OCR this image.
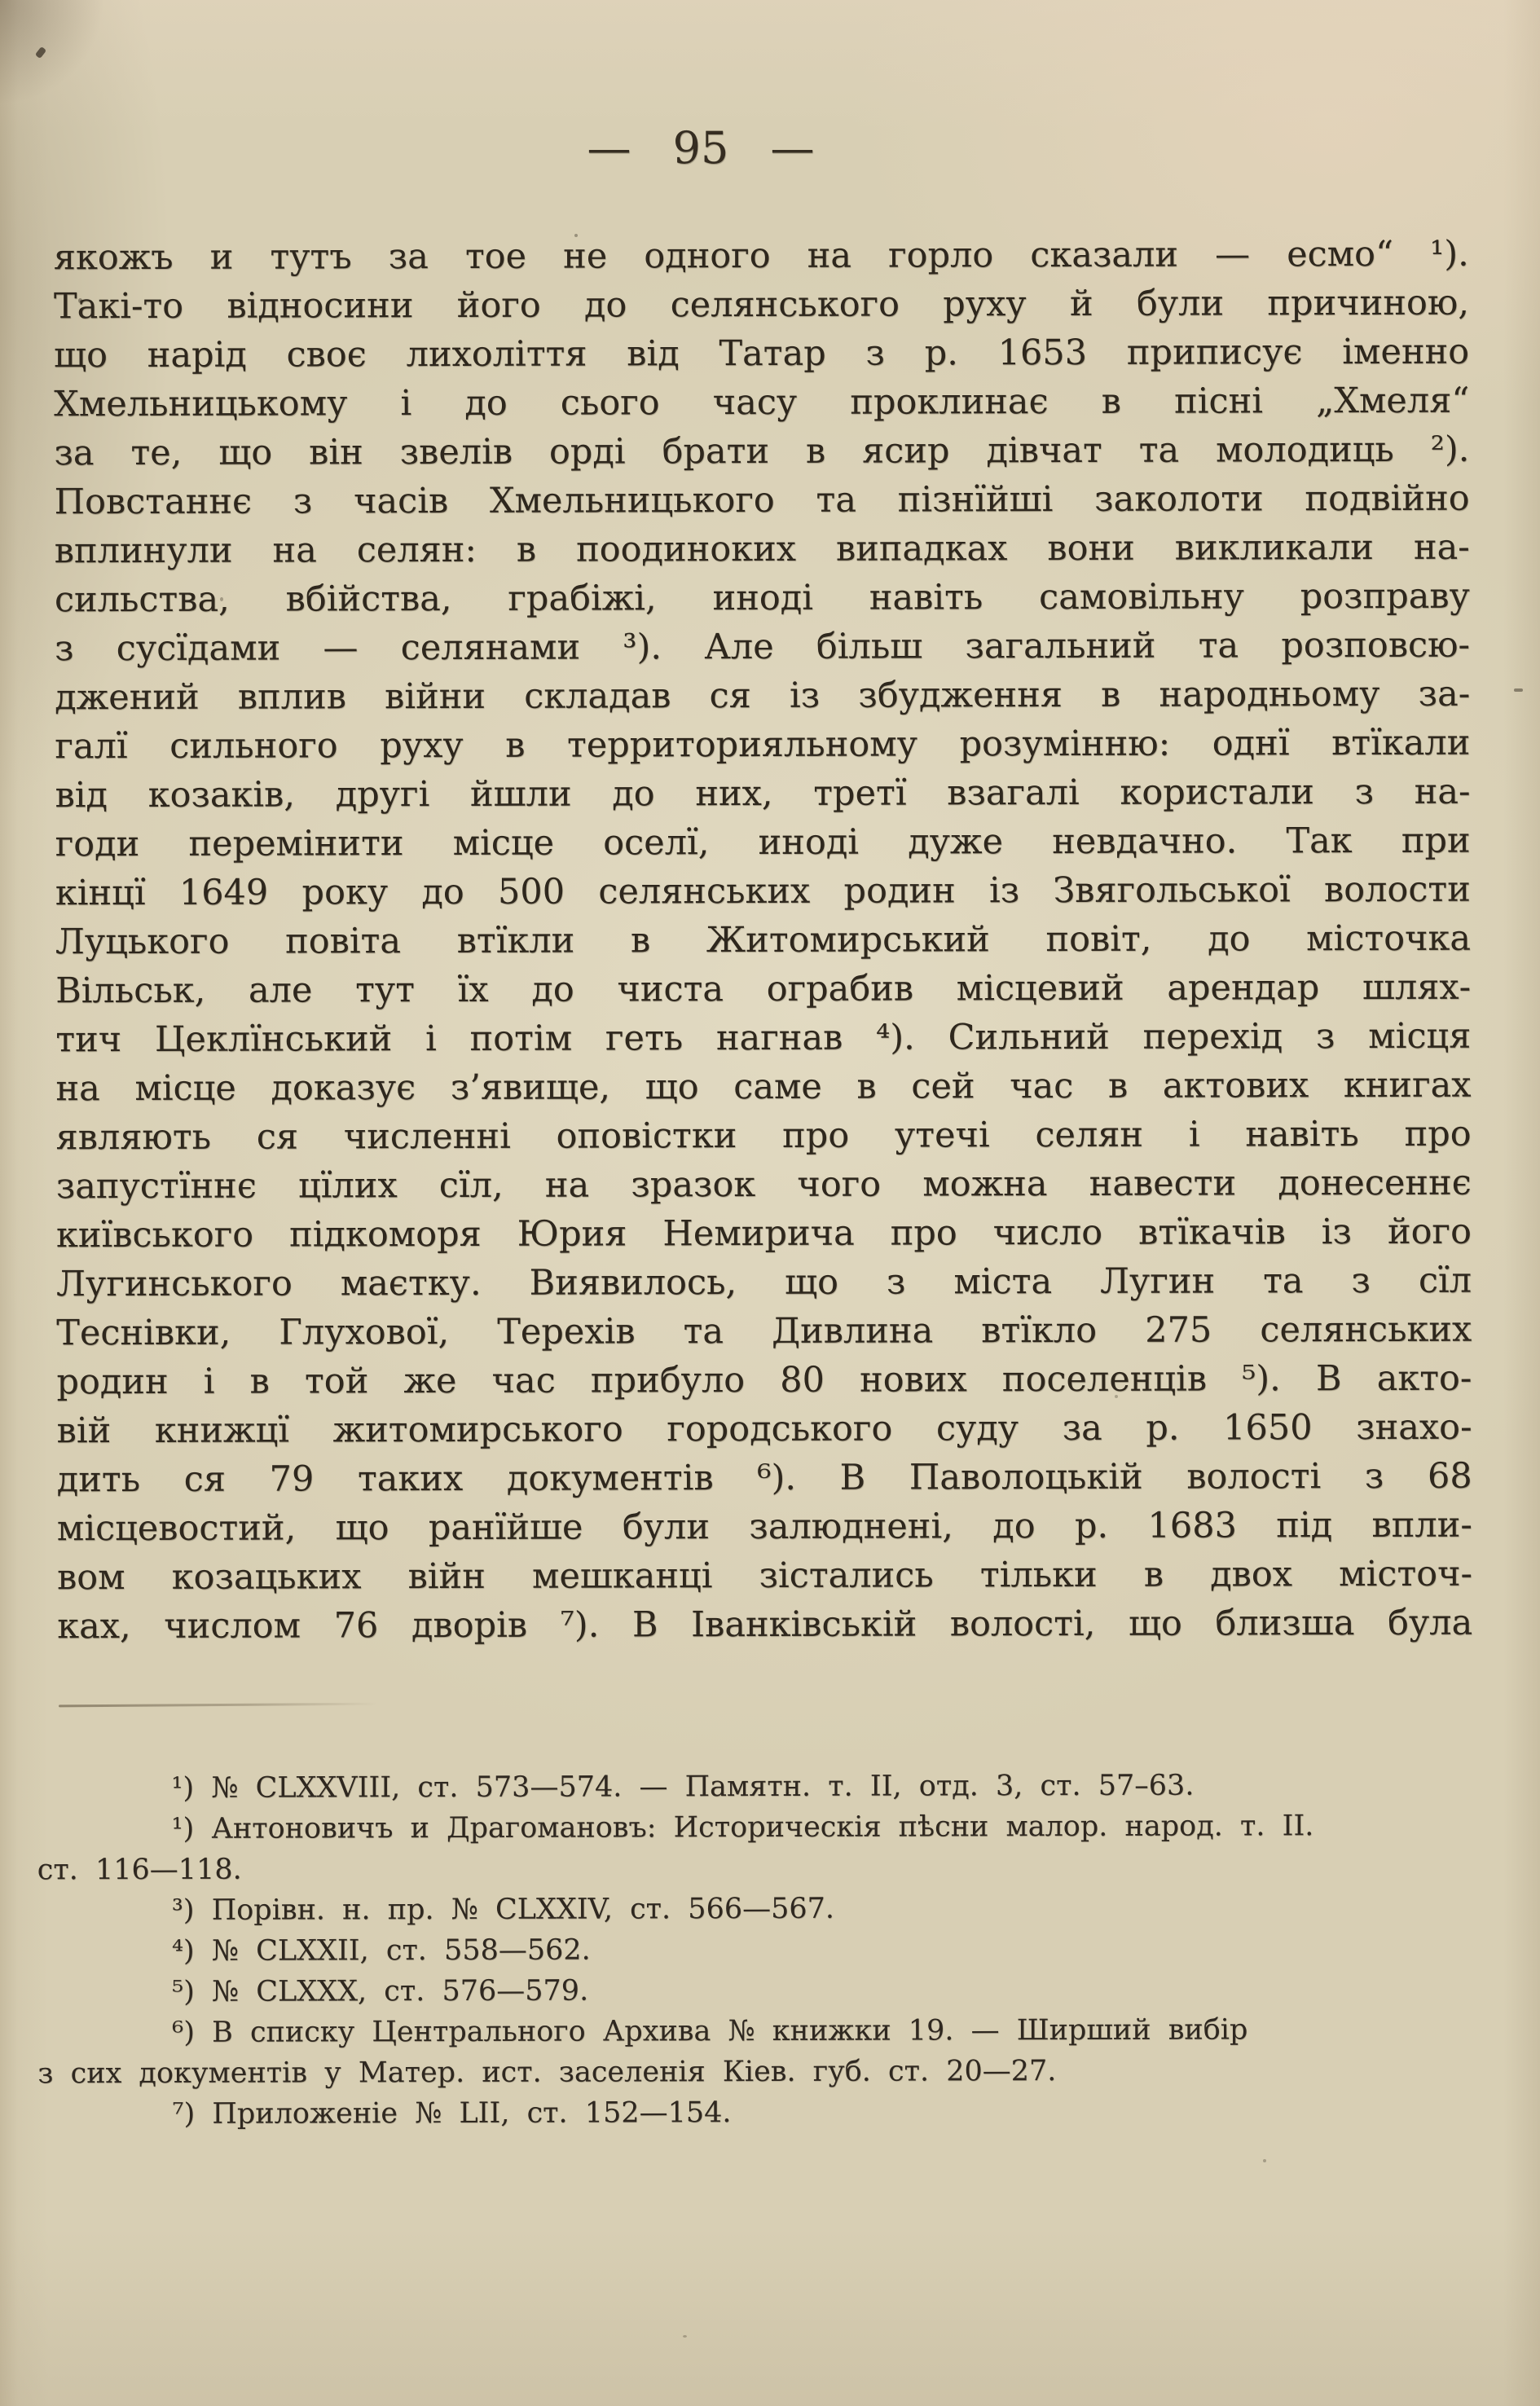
— 95 —
якожъ и тутъ за тое не одного на горло сказали — есмо“ ¹).
Такі-то відносини його до селянського руху й були причиною,
що нарід своє лихоліття від Татар з р. 1653 приписує іменно
Хмельницькому і до сього часу проклинає в пісні „Хмеля“
за те, що він звелів орді брати в ясир дівчат та молодиць ²).
Повстаннє з часів Хмельницького та пізнїйші заколоти подвійно
вплинули на селян: в поодиноких випадках вони викликали на-
сильства, вбійства, грабіжі, иноді навіть самовільну розправу
з сусїдами — селянами ³). Але більш загальний та розповсю-
джений вплив війни складав ся із збудження в народньому за-
галї сильного руху в территорияльному розумінню: однї втїкали
від козаків, другі йшли до них, третї взагалі користали з на-
годи перемінити місце оселї, иноді дуже невдачно. Так при
кінцї 1649 року до 500 селянських родин із Звягольської волости
Луцького повіта втїкли в Житомирський повіт, до місточка
Вільськ, але тут їх до чиста ограбив місцевий арендар шлях-
тич Цеклїнський і потім геть нагнав ⁴). Сильний перехід з місця
на місце доказує з’явище, що саме в сей час в актових книгах
являють ся численні оповістки про утечі селян і навіть про
запустїннє цїлих сїл, на зразок чого можна навести донесеннє
київського підкоморя Юрия Немирича про число втїкачів із його
Лугинського маєтку. Виявилось, що з міста Лугин та з сїл
Теснівки, Глухової, Терехів та Дивлина втїкло 275 селянських
родин і в той же час прибуло 80 нових поселенців ⁵). В акто-
вій книжцї житомирського городського суду за р. 1650 знахо-
дить ся 79 таких документів ⁶). В Паволоцькій волості з 68
місцевостий, що ранїйше були залюднені, до р. 1683 під впли-
вом козацьких війн мешканці зістались тільки в двох місточ-
ках, числом 76 дворів ⁷). В Іванківській волості, що близша була
¹) № CLXXVIII, ст. 573—574. — Памятн. т. II, отд. 3, ст. 57–63.
¹) Антоновичъ и Драгомановъ: Историческія пѣсни малор. народ. т. II.
ст. 116—118.
³) Порівн. н. пр. № CLXXIV, ст. 566—567.
⁴) № CLXXII, ст. 558—562.
⁵) № CLXXX, ст. 576—579.
⁶) В списку Центрального Архива № книжки 19. — Ширший вибір
з сих документів у Матер. ист. заселенія Кіев. губ. ст. 20—27.
⁷) Приложеніе № LII, ст. 152—154.
